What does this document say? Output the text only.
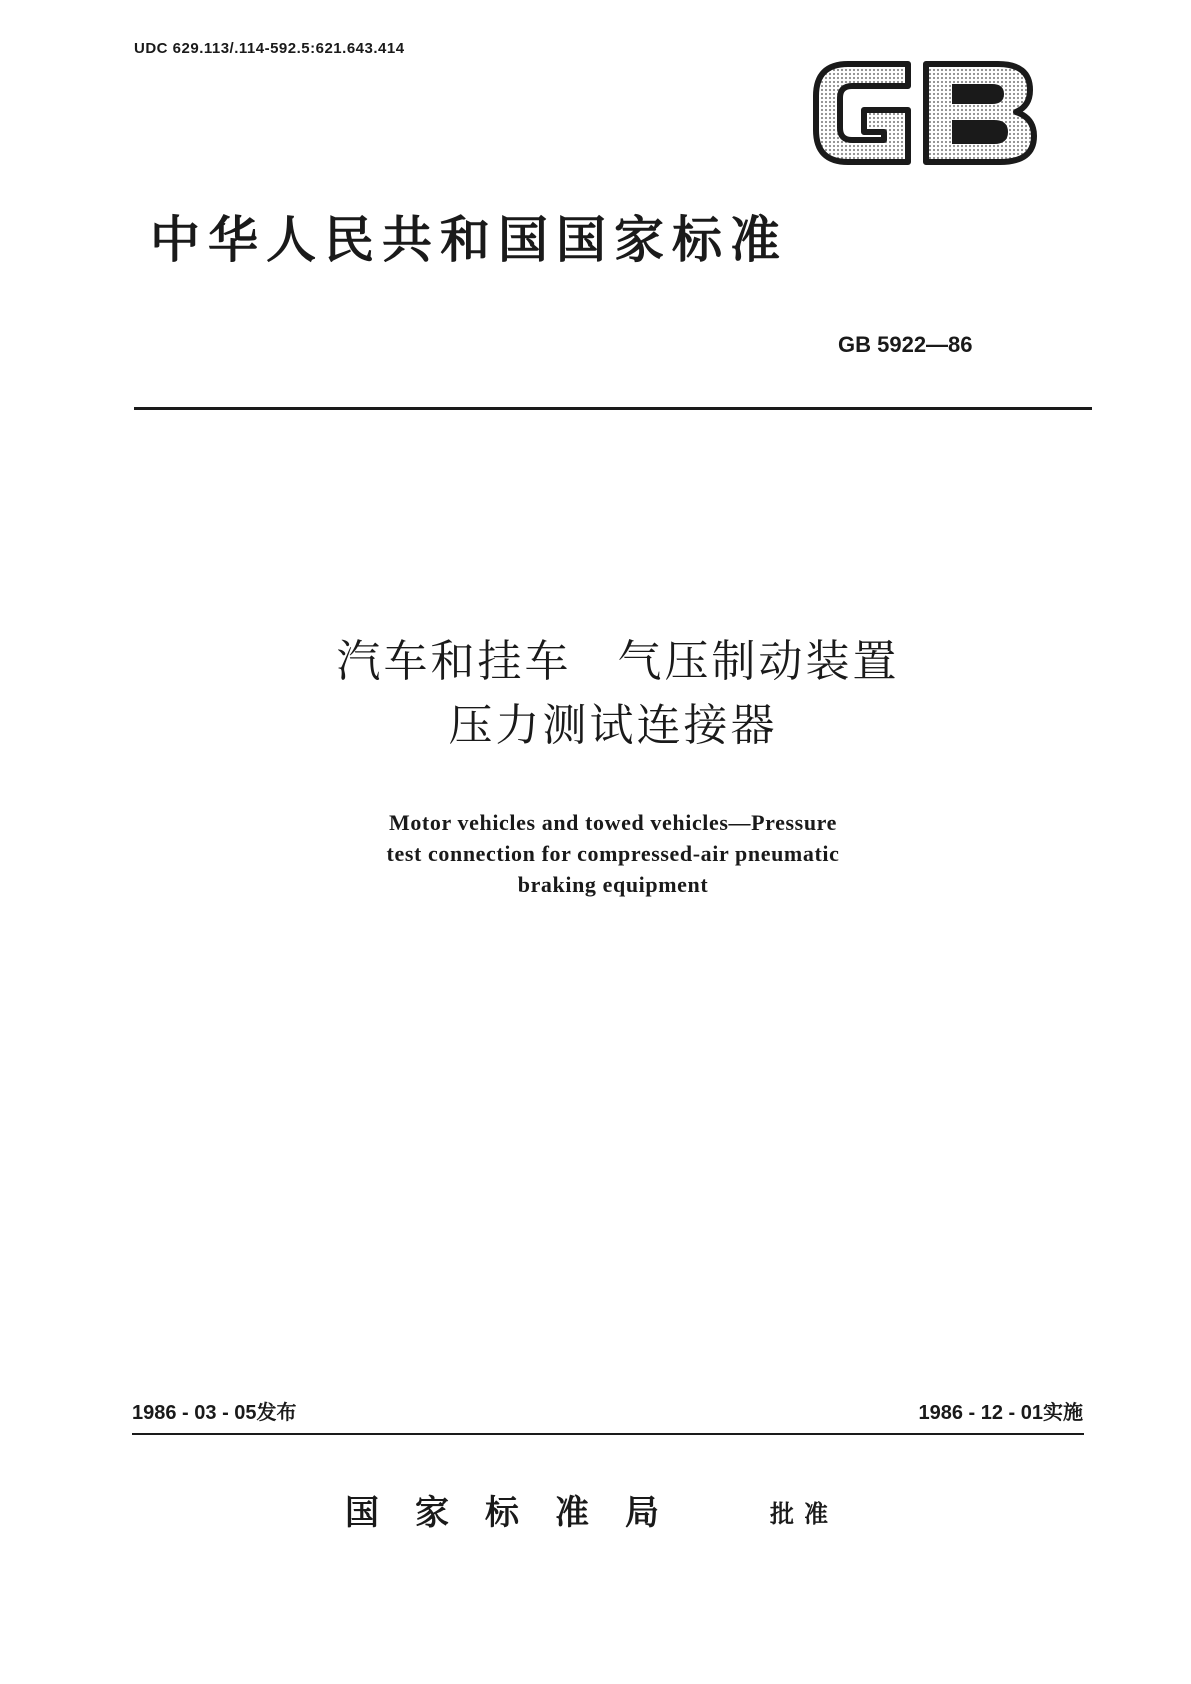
UDC 629.113/.114-592.5:621.643.414
中华人民共和国国家标准
GB 5922—86
汽车和挂车 气压制动装置
压力测试连接器
Motor vehicles and towed vehicles—Pressure
test connection for compressed-air pneumatic
braking equipment
1986 - 03 - 05发布	1986 - 12 - 01实施
国家标准局	批准
